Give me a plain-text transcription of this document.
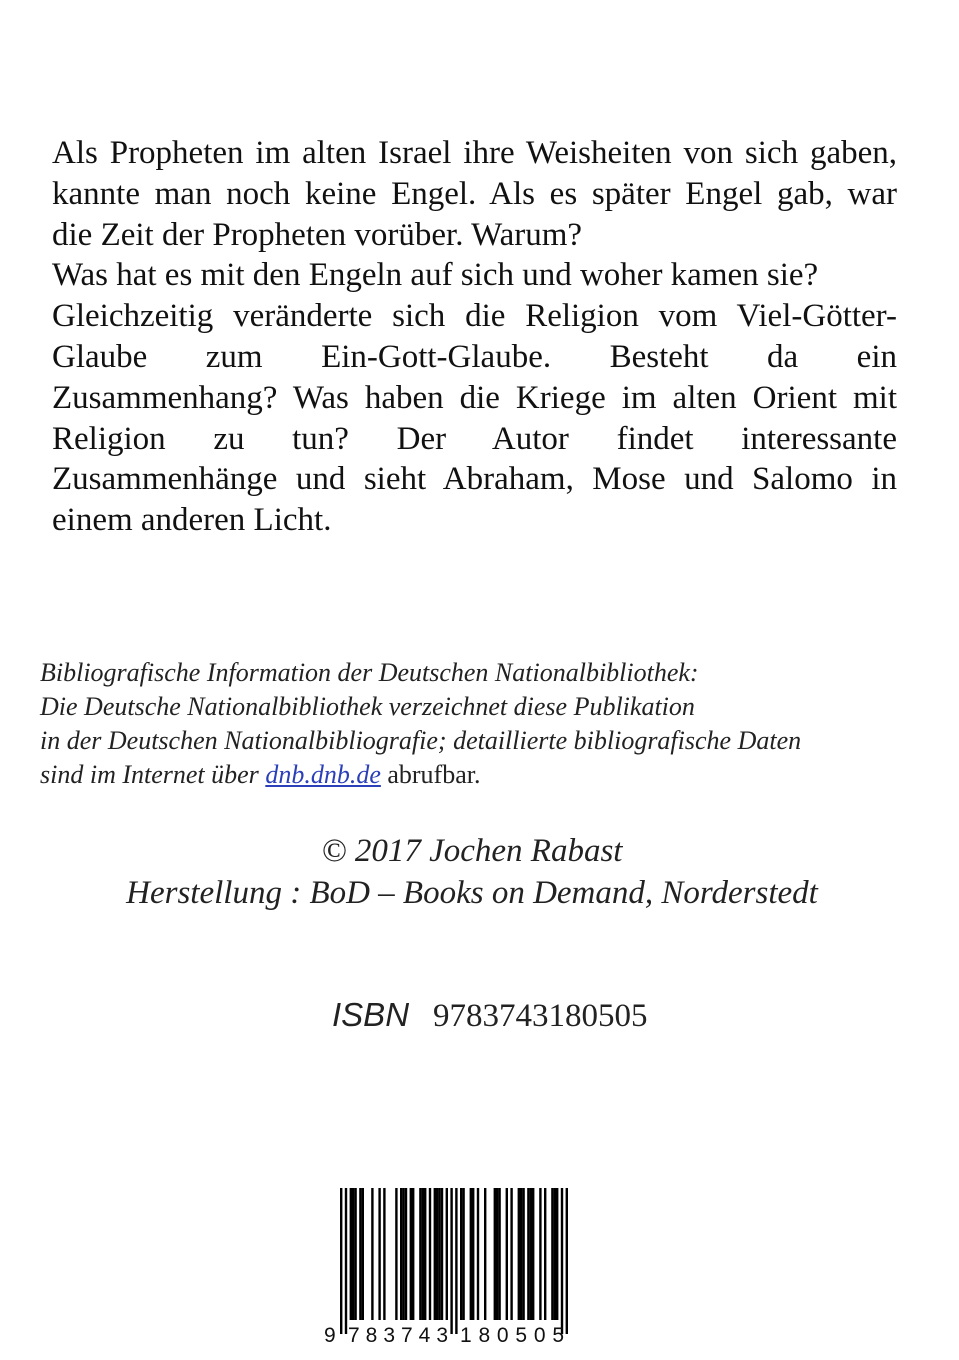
Als Propheten im alten Israel ihre Weisheiten von sich gaben,
kannte man noch keine Engel. Als es später Engel gab, war
die Zeit der Propheten vorüber. Warum?
Was hat es mit den Engeln auf sich und woher kamen sie?
Gleichzeitig veränderte sich die Religion vom Viel-Götter-
Glaube zum Ein-Gott-Glaube. Besteht da ein
Zusammenhang? Was haben die Kriege im alten Orient mit
Religion zu tun? Der Autor findet interessante
Zusammenhänge und sieht Abraham, Mose und Salomo in
einem anderen Licht.
Bibliografische Information der Deutschen Nationalbibliothek:
Die Deutsche Nationalbibliothek verzeichnet diese Publikation
in der Deutschen Nationalbibliografie; detaillierte bibliografische Daten
sind im Internet über dnb.dnb.de abrufbar.
© 2017 Jochen Rabast
Herstellung : BoD – Books on Demand, Norderstedt
ISBN 9783743180505
9 783743 180505
